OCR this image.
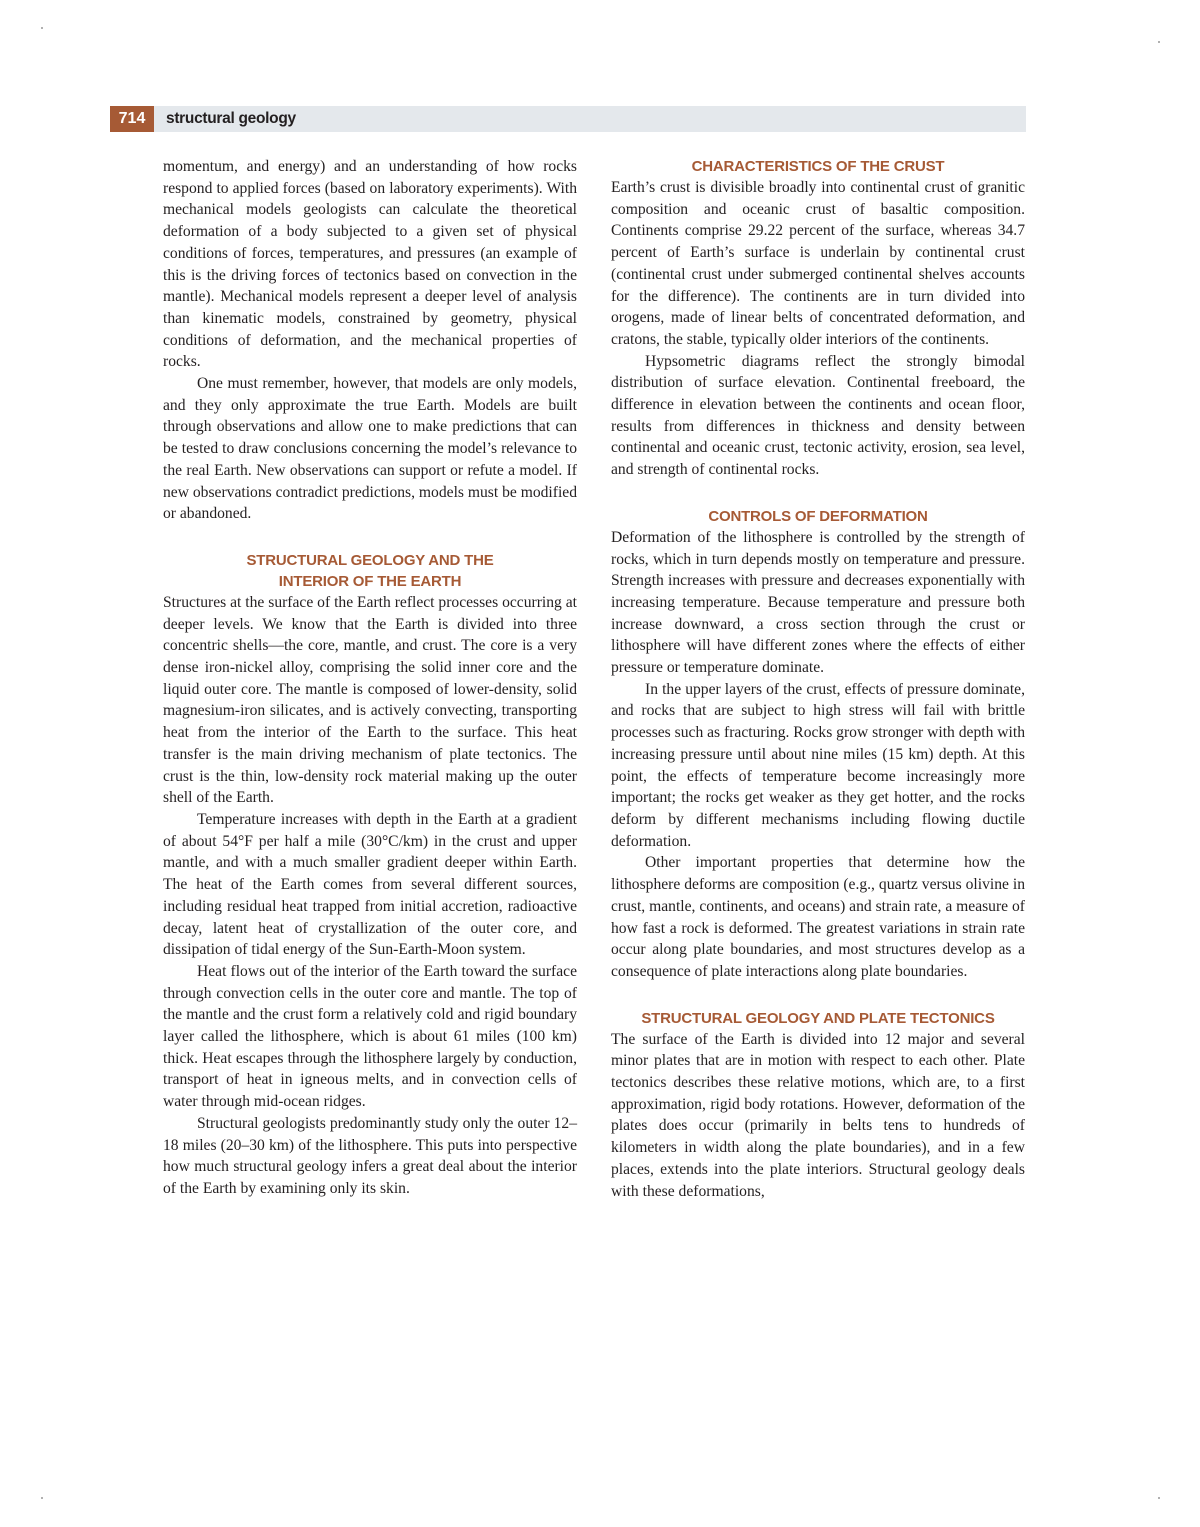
714	structural geology

momentum, and energy) and an understanding of how rocks respond to applied forces (based on laboratory experiments). With mechanical models geologists can calculate the theoretical deformation of a body subjected to a given set of physical conditions of forces, temperatures, and pressures (an example of this is the driving forces of tectonics based on convection in the mantle). Mechanical models represent a deeper level of analysis than kinematic models, constrained by geometry, physical conditions of deformation, and the mechanical properties of rocks.

One must remember, however, that models are only models, and they only approximate the true Earth. Models are built through observations and allow one to make predictions that can be tested to draw conclusions concerning the model’s relevance to the real Earth. New observations can support or refute a model. If new observations contradict predictions, models must be modified or abandoned.

STRUCTURAL GEOLOGY AND THE
INTERIOR OF THE EARTH

Structures at the surface of the Earth reflect processes occurring at deeper levels. We know that the Earth is divided into three concentric shells—the core, mantle, and crust. The core is a very dense iron-nickel alloy, comprising the solid inner core and the liquid outer core. The mantle is composed of lower-density, solid magnesium-iron silicates, and is actively convecting, transporting heat from the interior of the Earth to the surface. This heat transfer is the main driving mechanism of plate tectonics. The crust is the thin, low-density rock material making up the outer shell of the Earth.

Temperature increases with depth in the Earth at a gradient of about 54°F per half a mile (30°C/km) in the crust and upper mantle, and with a much smaller gradient deeper within Earth. The heat of the Earth comes from several different sources, including residual heat trapped from initial accretion, radioactive decay, latent heat of crystallization of the outer core, and dissipation of tidal energy of the Sun-Earth-Moon system.

Heat flows out of the interior of the Earth toward the surface through convection cells in the outer core and mantle. The top of the mantle and the crust form a relatively cold and rigid boundary layer called the lithosphere, which is about 61 miles (100 km) thick. Heat escapes through the lithosphere largely by conduction, transport of heat in igneous melts, and in convection cells of water through mid-ocean ridges.

Structural geologists predominantly study only the outer 12–18 miles (20–30 km) of the lithosphere. This puts into perspective how much structural geology infers a great deal about the interior of the Earth by examining only its skin.

CHARACTERISTICS OF THE CRUST

Earth’s crust is divisible broadly into continental crust of granitic composition and oceanic crust of basaltic composition. Continents comprise 29.22 percent of the surface, whereas 34.7 percent of Earth’s surface is underlain by continental crust (continental crust under submerged continental shelves accounts for the difference). The continents are in turn divided into orogens, made of linear belts of concentrated deformation, and cratons, the stable, typically older interiors of the continents.

Hypsometric diagrams reflect the strongly bimodal distribution of surface elevation. Continental freeboard, the difference in elevation between the continents and ocean floor, results from differences in thickness and density between continental and oceanic crust, tectonic activity, erosion, sea level, and strength of continental rocks.

CONTROLS OF DEFORMATION

Deformation of the lithosphere is controlled by the strength of rocks, which in turn depends mostly on temperature and pressure. Strength increases with pressure and decreases exponentially with increasing temperature. Because temperature and pressure both increase downward, a cross section through the crust or lithosphere will have different zones where the effects of either pressure or temperature dominate.

In the upper layers of the crust, effects of pressure dominate, and rocks that are subject to high stress will fail with brittle processes such as fracturing. Rocks grow stronger with depth with increasing pressure until about nine miles (15 km) depth. At this point, the effects of temperature become increasingly more important; the rocks get weaker as they get hotter, and the rocks deform by different mechanisms including flowing ductile deformation.

Other important properties that determine how the lithosphere deforms are composition (e.g., quartz versus olivine in crust, mantle, continents, and oceans) and strain rate, a measure of how fast a rock is deformed. The greatest variations in strain rate occur along plate boundaries, and most structures develop as a consequence of plate interactions along plate boundaries.

STRUCTURAL GEOLOGY AND PLATE TECTONICS

The surface of the Earth is divided into 12 major and several minor plates that are in motion with respect to each other. Plate tectonics describes these relative motions, which are, to a first approximation, rigid body rotations. However, deformation of the plates does occur (primarily in belts tens to hundreds of kilometers in width along the plate boundaries), and in a few places, extends into the plate interiors. Structural geology deals with these deformations,
